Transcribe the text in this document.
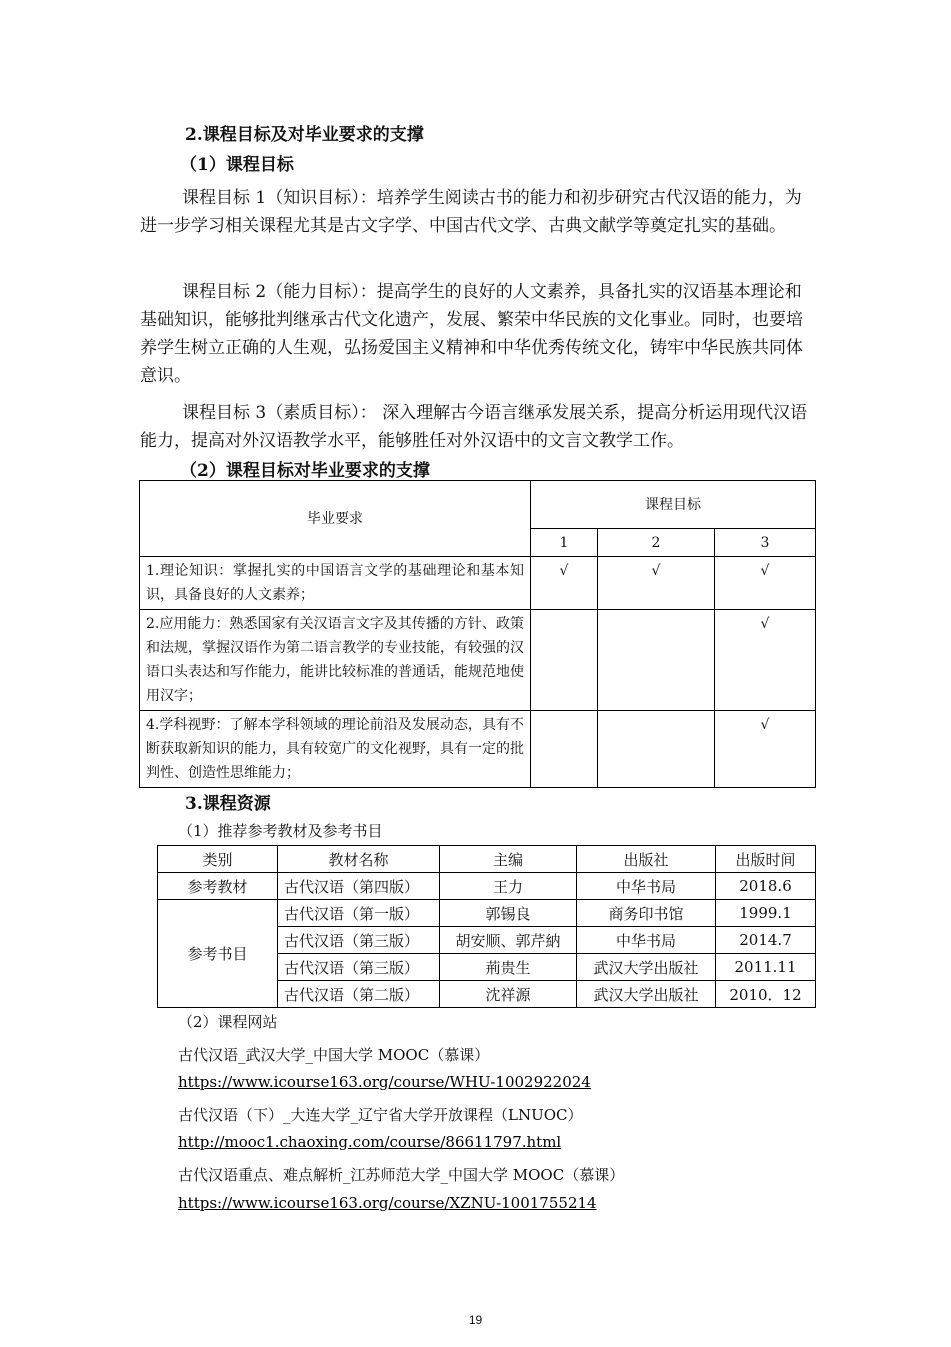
2.课程目标及对毕业要求的支撑
（1）课程目标

课程目标 1（知识目标）：培养学生阅读古书的能力和初步研究古代汉语的能力，为进一步学习相关课程尤其是古文字学、中国古代文学、古典文献学等奠定扎实的基础。

课程目标 2（能力目标）：提高学生的良好的人文素养，具备扎实的汉语基本理论和基础知识，能够批判继承古代文化遗产，发展、繁荣中华民族的文化事业。同时，也要培养学生树立正确的人生观，弘扬爱国主义精神和中华优秀传统文化，铸牢中华民族共同体意识。

课程目标 3（素质目标）： 深入理解古今语言继承发展关系，提高分析运用现代汉语能力，提高对外汉语教学水平，能够胜任对外汉语中的文言文教学工作。

（2）课程目标对毕业要求的支撑
毕业要求	课程目标		
	1	2	3
1.理论知识：掌握扎实的中国语言文学的基础理论和基本知识，具备良好的人文素养；	√	√	√
2.应用能力：熟悉国家有关汉语言文字及其传播的方针、政策和法规，掌握汉语作为第二语言教学的专业技能，有较强的汉语口头表达和写作能力，能讲比较标准的普通话，能规范地使用汉字；			√
4.学科视野：了解本学科领域的理论前沿及发展动态，具有不断获取新知识的能力，具有较宽广的文化视野，具有一定的批判性、创造性思维能力；			√
3.课程资源
（1）推荐参考教材及参考书目
类别	教材名称	主编	出版社	出版时间
参考教材	古代汉语（第四版）	王力	中华书局	2018.6
参考书目	古代汉语（第一版）	郭锡良	商务印书馆	1999.1
	古代汉语（第三版）	胡安顺、郭芹納	中华书局	2014.7
	古代汉语（第三版）	荊贵生	武汉大学出版社	2011.11
	古代汉语（第二版）	沈祥源	武汉大学出版社	2010．12
（2）课程网站
古代汉语_武汉大学_中国大学 MOOC（慕课）
https://www.icourse163.org/course/WHU-1002922024
古代汉语（下）_大连大学_辽宁省大学开放课程（LNUOC）
http://mooc1.chaoxing.com/course/86611797.html
古代汉语重点、难点解析_江苏师范大学_中国大学 MOOC（慕课）
https://www.icourse163.org/course/XZNU-1001755214
19
